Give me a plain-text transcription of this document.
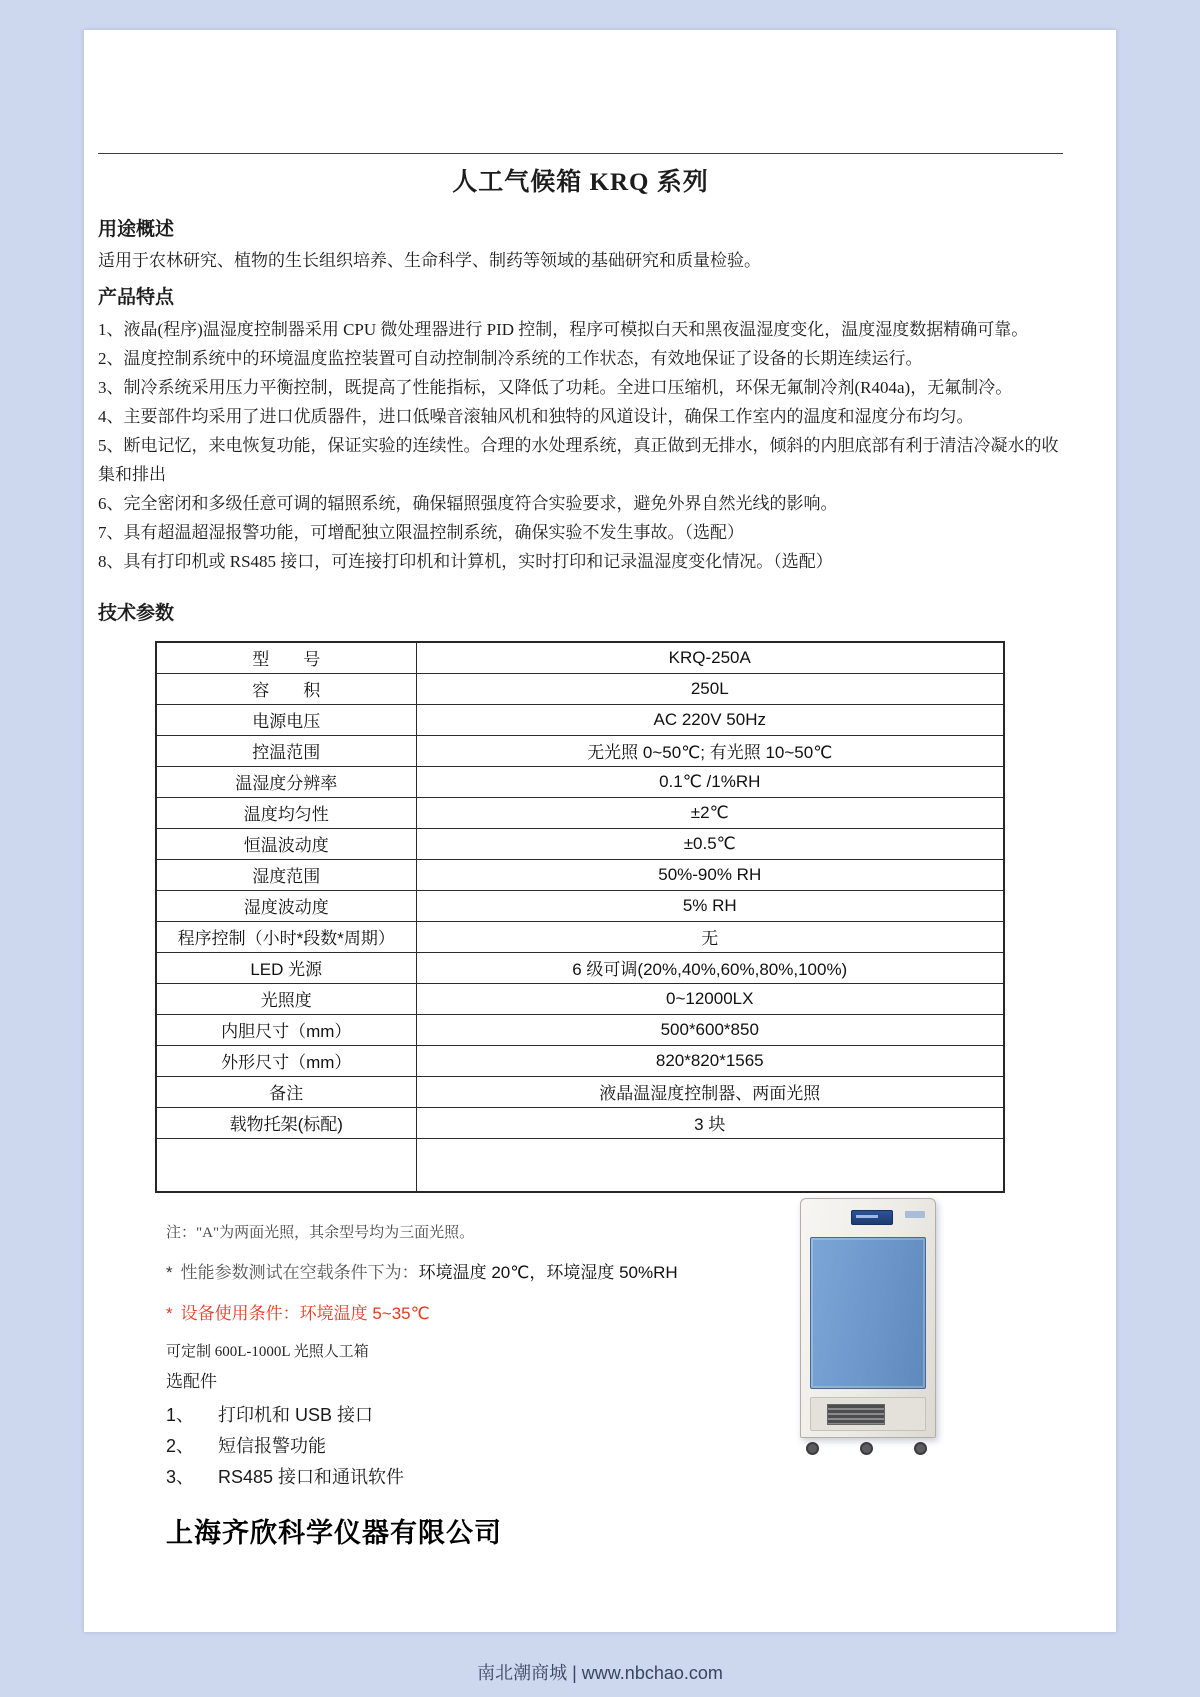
人工气候箱 KRQ 系列
用途概述

适用于农林研究、植物的生长组织培养、生命科学、制药等领域的基础研究和质量检验。

产品特点

1、液晶(程序)温湿度控制器采用 CPU 微处理器进行 PID 控制，程序可模拟白天和黑夜温湿度变化，温度湿度数据精确可靠。

2、温度控制系统中的环境温度监控装置可自动控制制冷系统的工作状态，有效地保证了设备的长期连续运行。

3、制冷系统采用压力平衡控制，既提高了性能指标，又降低了功耗。全进口压缩机，环保无氟制冷剂(R404a)，无氟制冷。

4、主要部件均采用了进口优质器件，进口低噪音滚轴风机和独特的风道设计，确保工作室内的温度和湿度分布均匀。

5、断电记忆，来电恢复功能，保证实验的连续性。合理的水处理系统，真正做到无排水，倾斜的内胆底部有利于清洁冷凝水的收集和排出

6、完全密闭和多级任意可调的辐照系统，确保辐照强度符合实验要求，避免外界自然光线的影响。

7、具有超温超湿报警功能，可增配独立限温控制系统，确保实验不发生事故。（选配）

8、具有打印机或 RS485 接口，可连接打印机和计算机，实时打印和记录温湿度变化情况。（选配）

技术参数
型　　号	KRQ-250A
容　　积	250L
电源电压	AC 220V 50Hz
控温范围	无光照 0~50℃; 有光照 10~50℃
温湿度分辨率	0.1℃ /1%RH
温度均匀性	±2℃
恒温波动度	±0.5℃
湿度范围	50%-90% RH
湿度波动度	5% RH
程序控制（小时*段数*周期）	无
LED 光源	6 级可调(20%,40%,60%,80%,100%)
光照度	0~12000LX
内胆尺寸（mm）	500*600*850
外形尺寸（mm）	820*820*1565
备注	液晶温湿度控制器、两面光照
载物托架(标配)	3 块

注："A"为两面光照，其余型号均为三面光照。

* 性能参数测试在空载条件下为：环境温度 20℃，环境湿度 50%RH

* 设备使用条件：环境温度 5~35℃

可定制 600L-1000L 光照人工箱

选配件

1、	打印机和 USB 接口
2、	短信报警功能
3、	RS485 接口和通讯软件

上海齐欣科学仪器有限公司

南北潮商城 | www.nbchao.com
